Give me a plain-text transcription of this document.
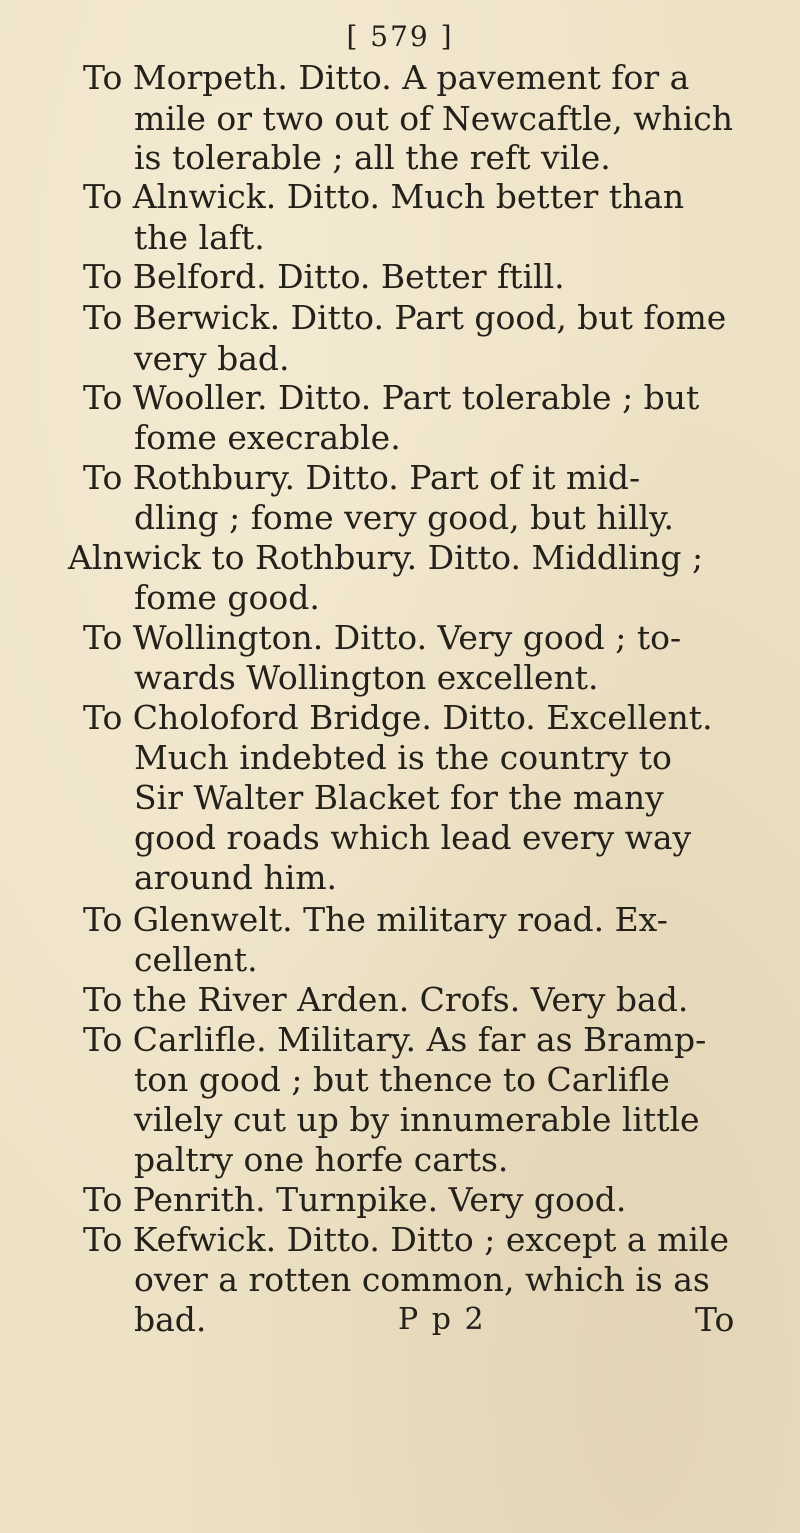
[ 579 ]
To Morpeth. Ditto. A pavement for a
mile or two out of Newcaftle, which
is tolerable ; all the reft vile.
To Alnwick. Ditto. Much better than
the laft.
To Belford. Ditto. Better ftill.
To Berwick. Ditto. Part good, but fome
very bad.
To Wooller. Ditto. Part tolerable ; but
fome execrable.
To Rothbury. Ditto. Part of it mid-
dling ; fome very good, but hilly.
Alnwick to Rothbury. Ditto. Middling ;
fome good.
To Wollington. Ditto. Very good ; to-
wards Wollington excellent.
To Choloford Bridge. Ditto. Excellent.
Much indebted is the country to
Sir Walter Blacket for the many
good roads which lead every way
around him.
To Glenwelt. The military road. Ex-
cellent.
To the River Arden. Crofs. Very bad.
To Carlifle. Military. As far as Bramp-
ton good ; but thence to Carlifle
vilely cut up by innumerable little
paltry one horfe carts.
To Penrith. Turnpike. Very good.
To Kefwick. Ditto. Ditto ; except a mile
over a rotten common, which is as
bad.	P p 2	To
